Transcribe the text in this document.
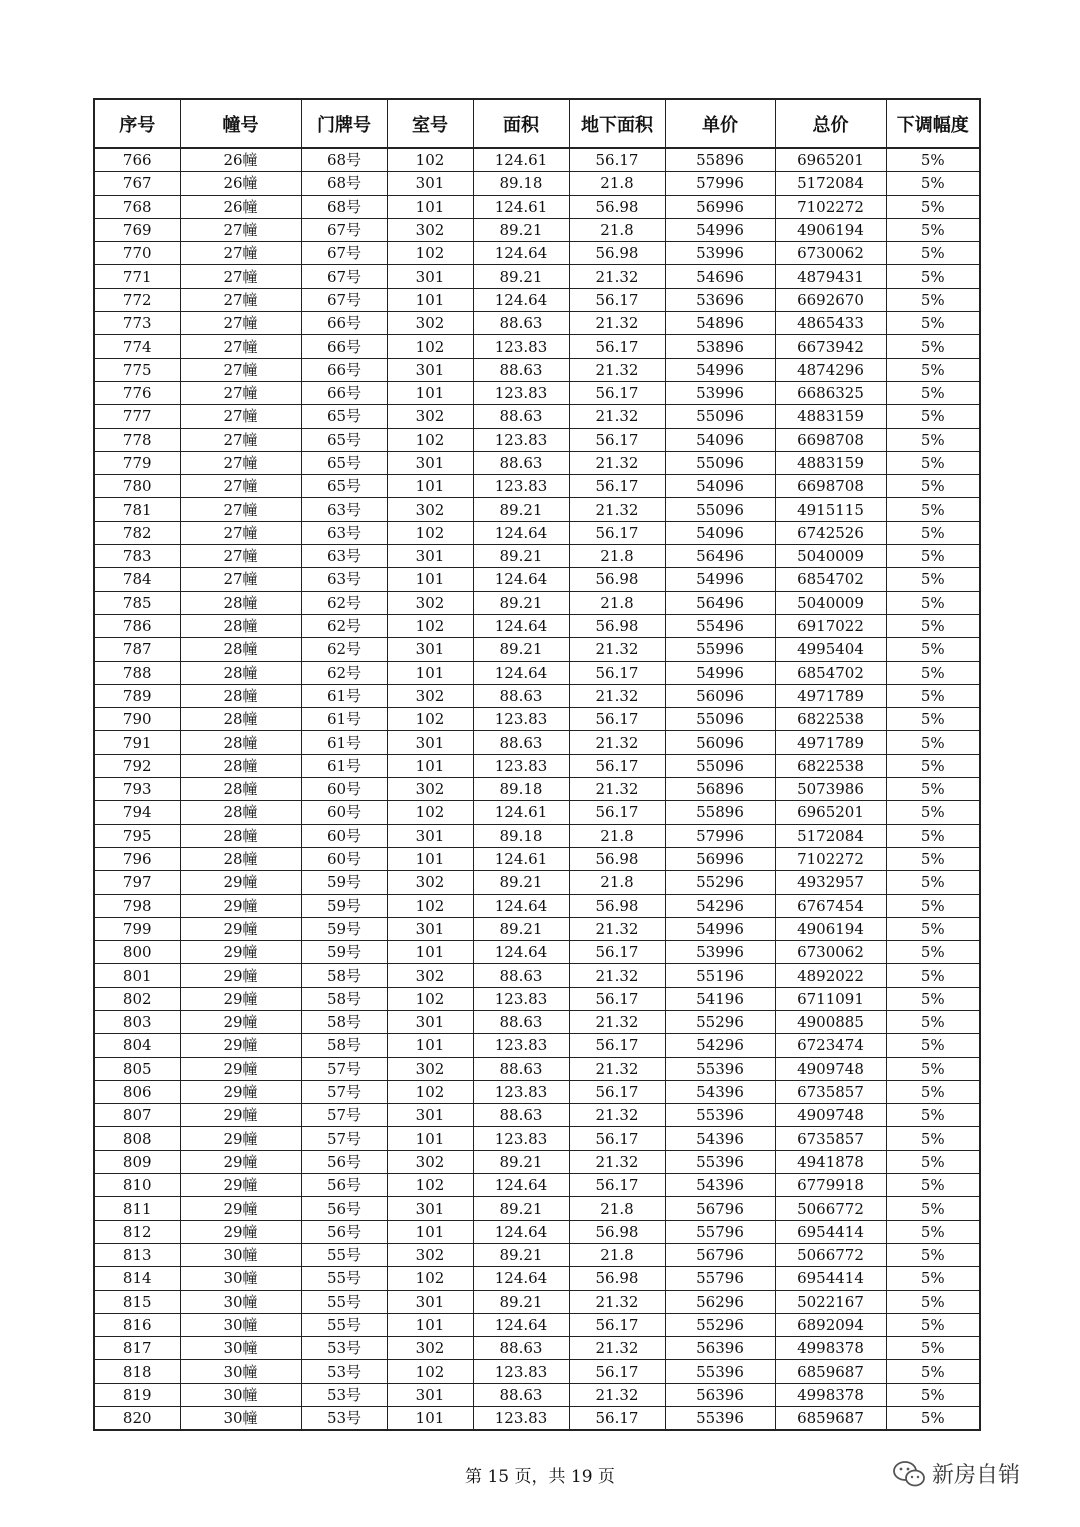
序号	幢号	门牌号	室号	面积	地下面积	单价	总价	下调幅度
766	26幢	68号	102	124.61	56.17	55896	6965201	5%
767	26幢	68号	301	89.18	21.8	57996	5172084	5%
768	26幢	68号	101	124.61	56.98	56996	7102272	5%
769	27幢	67号	302	89.21	21.8	54996	4906194	5%
770	27幢	67号	102	124.64	56.98	53996	6730062	5%
771	27幢	67号	301	89.21	21.32	54696	4879431	5%
772	27幢	67号	101	124.64	56.17	53696	6692670	5%
773	27幢	66号	302	88.63	21.32	54896	4865433	5%
774	27幢	66号	102	123.83	56.17	53896	6673942	5%
775	27幢	66号	301	88.63	21.32	54996	4874296	5%
776	27幢	66号	101	123.83	56.17	53996	6686325	5%
777	27幢	65号	302	88.63	21.32	55096	4883159	5%
778	27幢	65号	102	123.83	56.17	54096	6698708	5%
779	27幢	65号	301	88.63	21.32	55096	4883159	5%
780	27幢	65号	101	123.83	56.17	54096	6698708	5%
781	27幢	63号	302	89.21	21.32	55096	4915115	5%
782	27幢	63号	102	124.64	56.17	54096	6742526	5%
783	27幢	63号	301	89.21	21.8	56496	5040009	5%
784	27幢	63号	101	124.64	56.98	54996	6854702	5%
785	28幢	62号	302	89.21	21.8	56496	5040009	5%
786	28幢	62号	102	124.64	56.98	55496	6917022	5%
787	28幢	62号	301	89.21	21.32	55996	4995404	5%
788	28幢	62号	101	124.64	56.17	54996	6854702	5%
789	28幢	61号	302	88.63	21.32	56096	4971789	5%
790	28幢	61号	102	123.83	56.17	55096	6822538	5%
791	28幢	61号	301	88.63	21.32	56096	4971789	5%
792	28幢	61号	101	123.83	56.17	55096	6822538	5%
793	28幢	60号	302	89.18	21.32	56896	5073986	5%
794	28幢	60号	102	124.61	56.17	55896	6965201	5%
795	28幢	60号	301	89.18	21.8	57996	5172084	5%
796	28幢	60号	101	124.61	56.98	56996	7102272	5%
797	29幢	59号	302	89.21	21.8	55296	4932957	5%
798	29幢	59号	102	124.64	56.98	54296	6767454	5%
799	29幢	59号	301	89.21	21.32	54996	4906194	5%
800	29幢	59号	101	124.64	56.17	53996	6730062	5%
801	29幢	58号	302	88.63	21.32	55196	4892022	5%
802	29幢	58号	102	123.83	56.17	54196	6711091	5%
803	29幢	58号	301	88.63	21.32	55296	4900885	5%
804	29幢	58号	101	123.83	56.17	54296	6723474	5%
805	29幢	57号	302	88.63	21.32	55396	4909748	5%
806	29幢	57号	102	123.83	56.17	54396	6735857	5%
807	29幢	57号	301	88.63	21.32	55396	4909748	5%
808	29幢	57号	101	123.83	56.17	54396	6735857	5%
809	29幢	56号	302	89.21	21.32	55396	4941878	5%
810	29幢	56号	102	124.64	56.17	54396	6779918	5%
811	29幢	56号	301	89.21	21.8	56796	5066772	5%
812	29幢	56号	101	124.64	56.98	55796	6954414	5%
813	30幢	55号	302	89.21	21.8	56796	5066772	5%
814	30幢	55号	102	124.64	56.98	55796	6954414	5%
815	30幢	55号	301	89.21	21.32	56296	5022167	5%
816	30幢	55号	101	124.64	56.17	55296	6892094	5%
817	30幢	53号	302	88.63	21.32	56396	4998378	5%
818	30幢	53号	102	123.83	56.17	55396	6859687	5%
819	30幢	53号	301	88.63	21.32	56396	4998378	5%
820	30幢	53号	101	123.83	56.17	55396	6859687	5%
第 15 页，共 19 页	新房自销
